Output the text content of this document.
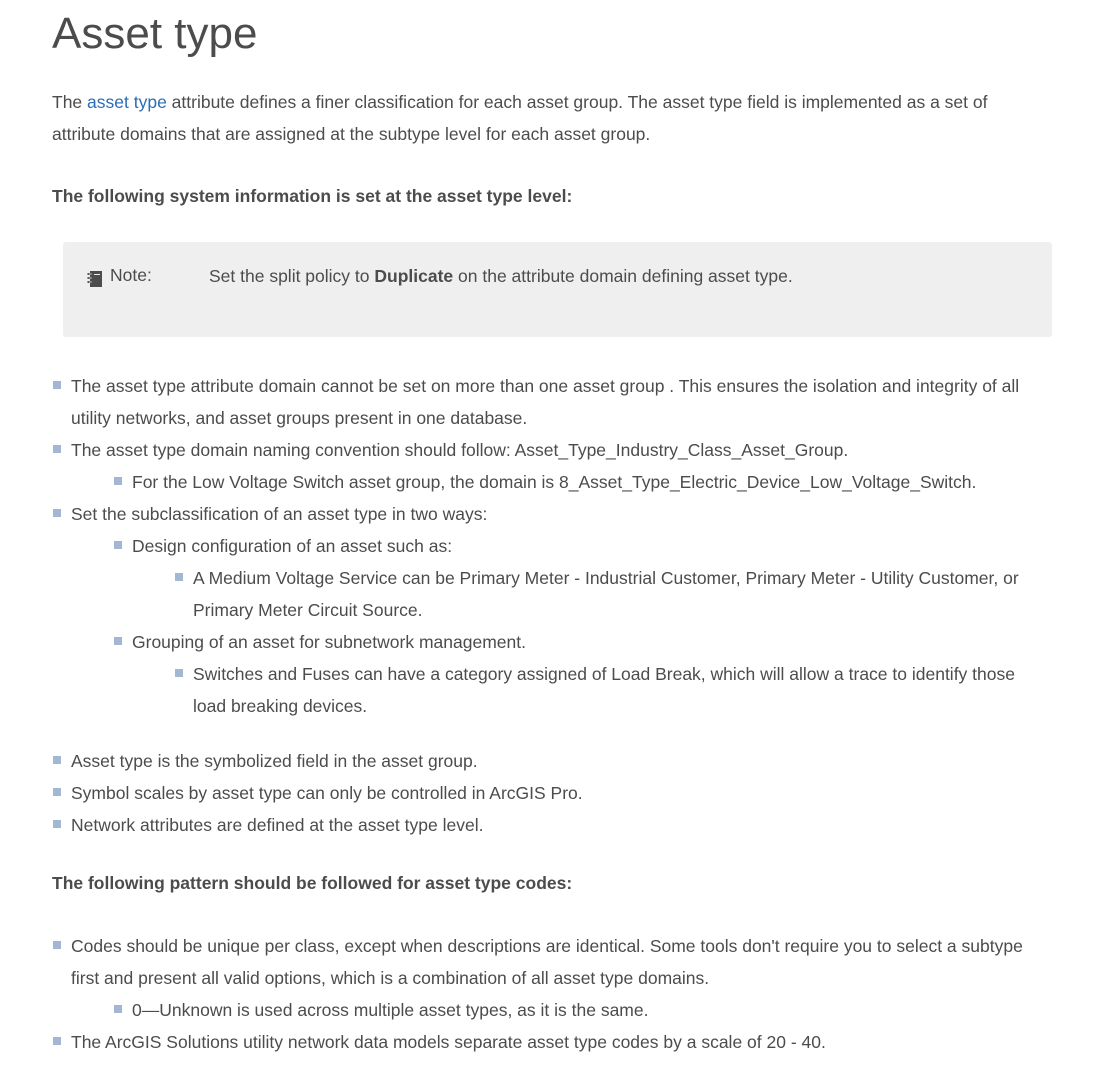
Asset type

The asset type attribute defines a finer classification for each asset group. The asset type field is implemented as a set of attribute domains that are assigned at the subtype level for each asset group.

The following system information is set at the asset type level:

Note:	Set the split policy to Duplicate on the attribute domain defining asset type.
The asset type attribute domain cannot be set on more than one asset group . This ensures the isolation and integrity of all utility networks, and asset groups present in one database.
The asset type domain naming convention should follow: Asset_Type_Industry_Class_Asset_Group.
For the Low Voltage Switch asset group, the domain is 8_Asset_Type_Electric_Device_Low_Voltage_Switch.
Set the subclassification of an asset type in two ways:
Design configuration of an asset such as:
A Medium Voltage Service can be Primary Meter - Industrial Customer, Primary Meter - Utility Customer, or Primary Meter Circuit Source.
Grouping of an asset for subnetwork management.
Switches and Fuses can have a category assigned of Load Break, which will allow a trace to identify those load breaking devices.
Asset type is the symbolized field in the asset group.
Symbol scales by asset type can only be controlled in ArcGIS Pro.
Network attributes are defined at the asset type level.

The following pattern should be followed for asset type codes:

Codes should be unique per class, except when descriptions are identical. Some tools don't require you to select a subtype first and present all valid options, which is a combination of all asset type domains.
0—Unknown is used across multiple asset types, as it is the same.
The ArcGIS Solutions utility network data models separate asset type codes by a scale of 20 - 40.
